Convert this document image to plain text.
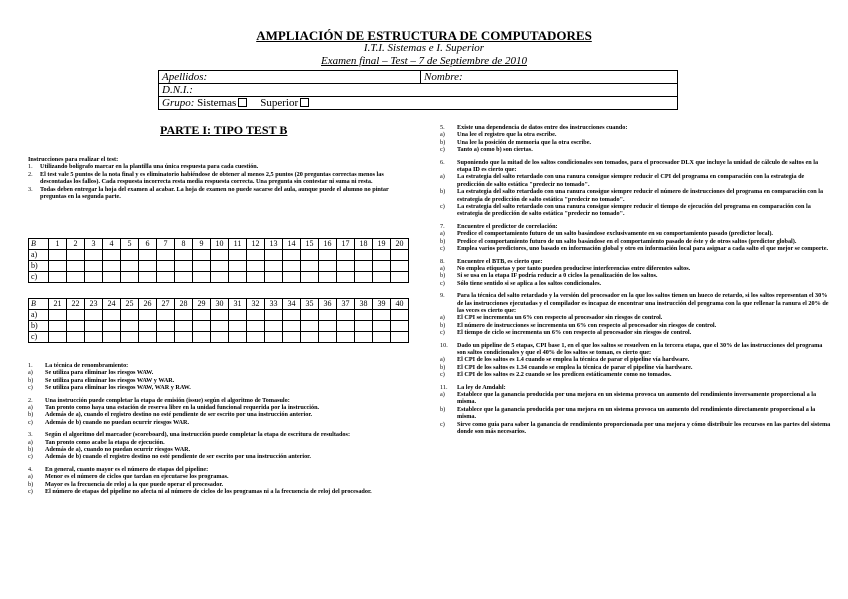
AMPLIACIÓN DE ESTRUCTURA DE COMPUTADORES
I.T.I. Sistemas e I. Superior
Examen final – Test – 7 de Septiembre de 2010
Apellidos:	Nombre:
D.N.I.:
Grupo: Sistemas Superior
PARTE I: TIPO TEST B
Instrucciones para realizar el test:
1.	Utilizando bolígrafo marcar en la plantilla una única respuesta para cada cuestión.
2.	El test vale 5 puntos de la nota final y es eliminatorio habiéndose de obtener al menos 2,5 puntos (20 preguntas correctas menos las descontadas los fallos). Cada respuesta incorrecta resta media respuesta correcta. Una pregunta sin contestar ni suma ni resta.
3.	Todas deben entregar la hoja del examen al acabar. La hoja de examen no puede sacarse del aula, aunque puede el alumno no pintar preguntas en la segunda parte.
B	1	2	3	4	5	6	7	8	9	10	11	12	13	14	15	16	17	18	19	20
a)																				
b)																				
c)																				
B	21	22	23	24	25	26	27	28	29	30	31	32	33	34	35	36	37	38	39	40
a)																				
b)																				
c)																				
1.	La técnica de renombramiento:
a)	Se utiliza para eliminar los riesgos WAW.
b)	Se utiliza para eliminar los riesgos WAW y WAR.
c)	Se utiliza para eliminar los riesgos WAW, WAR y RAW.
2.	Una instrucción puede completar la etapa de emisión (issue) según el algoritmo de Tomasulo:
a)	Tan pronto como haya una estación de reserva libre en la unidad funcional requerida por la instrucción.
b)	Además de a), cuando el registro destino no esté pendiente de ser escrito por una instrucción anterior.
c)	Además de b) cuando no puedan ocurrir riesgos WAR.
3.	Según el algoritmo del marcador (scoreboard), una instrucción puede completar la etapa de escritura de resultados:
a)	Tan pronto como acabe la etapa de ejecución.
b)	Además de a), cuando no puedan ocurrir riesgos WAR.
c)	Además de b) cuando el registro destino no esté pendiente de ser escrito por una instrucción anterior.
4.	En general, cuanto mayor es el número de etapas del pipeline:
a)	Menor es el número de ciclos que tardan en ejecutarse los programas.
b)	Mayor es la frecuencia de reloj a la que puede operar el procesador.
c)	El número de etapas del pipeline no afecta ni al número de ciclos de los programas ni a la frecuencia de reloj del procesador.
5.	Existe una dependencia de datos entre dos instrucciones cuando:
a)	Una lee el registro que la otra escribe.
b)	Una lee la posición de memoria que la otra escribe.
c)	Tanto a) como b) son ciertas.
6.	Suponiendo que la mitad de los saltos condicionales son tomados, para el procesador DLX que incluye la unidad de cálculo de saltos en la etapa ID es cierto que:
a)	La estrategia del salto retardado con una ranura consigue siempre reducir el CPI del programa en comparación con la estrategia de predicción de salto estática "predecir no tomado".
b)	La estrategia del salto retardado con una ranura consigue siempre reducir el número de instrucciones del programa en comparación con la estrategia de predicción de salto estática "predecir no tomado".
c)	La estrategia del salto retardado con una ranura consigue siempre reducir el tiempo de ejecución del programa en comparación con la estrategia de predicción de salto estática "predecir no tomado".
7.	Encuentre el predictor de correlación:
a)	Predice el comportamiento futuro de un salto basándose exclusivamente en su comportamiento pasado (predictor local).
b)	Predice el comportamiento futuro de un salto basándose en el comportamiento pasado de éste y de otros saltos (predictor global).
c)	Emplea varios predictores, uno basado en información global y otro en información local para asignar a cada salto el que mejor se comporte.
8.	Encuentre el BTB, es cierto que:
a)	No emplea etiquetas y por tanto pueden producirse interferencias entre diferentes saltos.
b)	Si se usa en la etapa IF podría reducir a 0 ciclos la penalización de los saltos.
c)	Sólo tiene sentido si se aplica a los saltos condicionales.
9.	Para la técnica del salto retardado y la versión del procesador en la que los saltos tienen un hueco de retardo, si los saltos representan el 30% de las instrucciones ejecutadas y el compilador es incapaz de encontrar una instrucción del programa con la que rellenar la ranura el 20% de las veces es cierto que:
a)	El CPI se incrementa un 6% con respecto al procesador sin riesgos de control.
b)	El número de instrucciones se incrementa un 6% con respecto al procesador sin riesgos de control.
c)	El tiempo de ciclo se incrementa un 6% con respecto al procesador sin riesgos de control.
10.	Dado un pipeline de 5 etapas, CPI base 1, en el que los saltos se resuelven en la tercera etapa, que el 30% de las instrucciones del programa son saltos condicionales y que el 40% de los saltos se toman, es cierto que:
a)	El CPI de los saltos es 1.4 cuando se emplea la técnica de parar el pipeline vía hardware.
b)	El CPI de los saltos es 1.34 cuando se emplea la técnica de parar el pipeline vía hardware.
c)	El CPI de los saltos es 2.2 cuando se los predicen estáticamente como no tomados.
11.	La ley de Amdahl:
a)	Establece que la ganancia producida por una mejora en un sistema provoca un aumento del rendimiento inversamente proporcional a la misma.
b)	Establece que la ganancia producida por una mejora en un sistema provoca un aumento del rendimiento directamente proporcional a la misma.
c)	Sirve como guía para saber la ganancia de rendimiento proporcionada por una mejora y cómo distribuir los recursos en las partes del sistema donde son más necesarios.
